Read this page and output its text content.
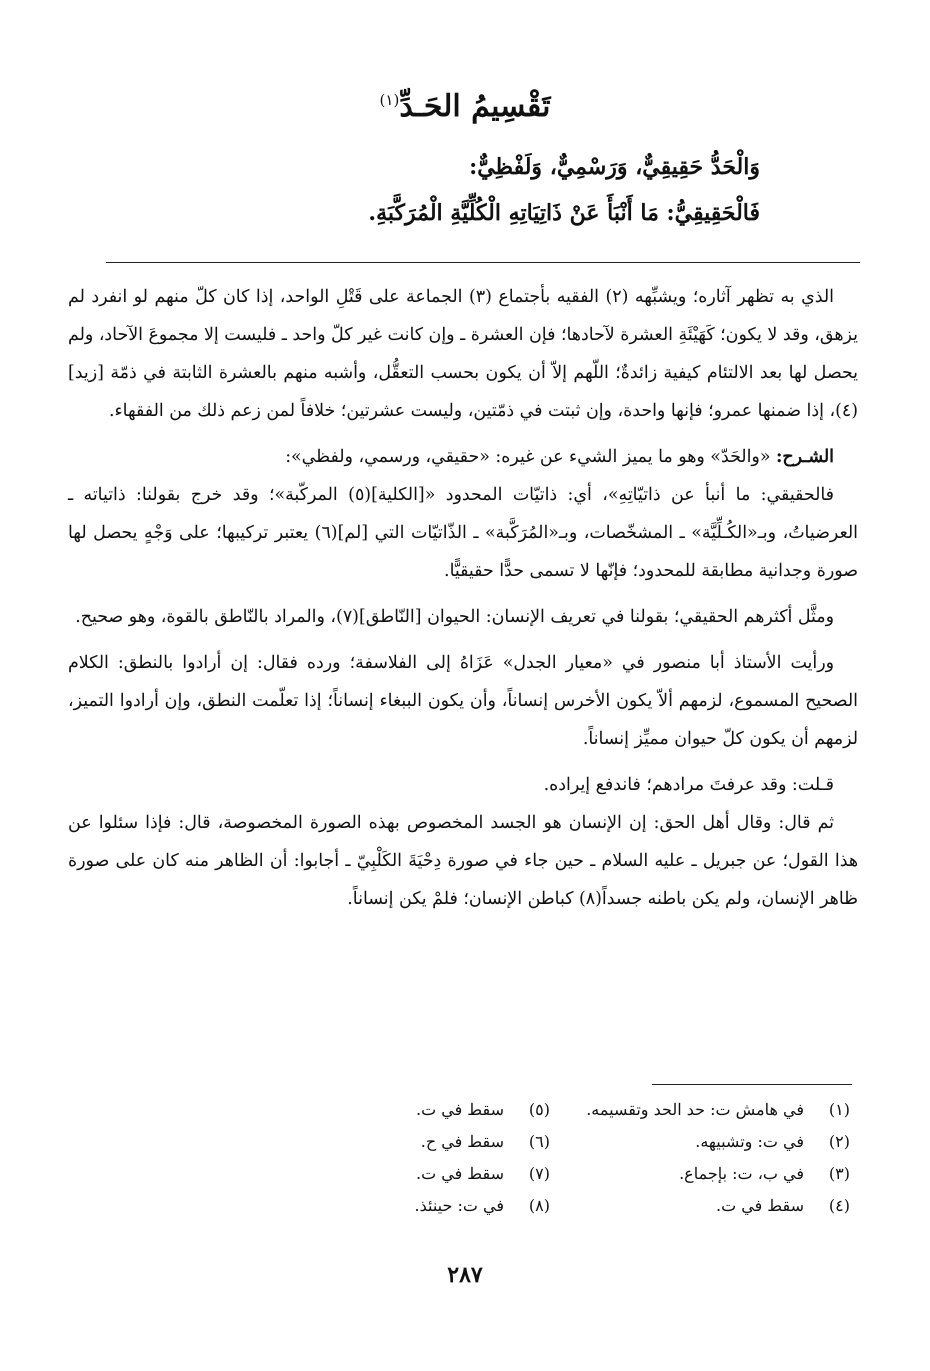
تَقْسِيمُ الحَـدِّ$^{(١)}$
وَالْحَدُّ حَقِيقِيٌّ، وَرَسْمِيٌّ، وَلَفْظِيٌّ:
فَالْحَقِيقِيُّ: مَا أَنْبَأَ عَنْ ذَاتِيَاتِهِ الْكُلِّيَّةِ الْمُرَكَّبَةِ.

الذي به تظهر آثاره؛ ويشبِّهه (٢) الفقيه بأجتماع (٣) الجماعة على قَتْلِ الواحد، إذا كان كلّ منهم لو انفرد لم يزهق، وقد لا يكون؛ كَهَيْئَةِ العشرة لآحادها؛ فإن العشرة ـ وإن كانت غير كلّ واحد ـ فليست إلا مجموعَ الآحاد، ولم يحصل لها بعد الالتئام كيفية زائدةٌ؛ اللّهم إلاّ أن يكون بحسب التعقُّل، وأشبه منهم بالعشرة الثابتة في ذمّة [زيد](٤)، إذا ضمنها عمرو؛ فإنها واحدة، وإن ثبتت في ذمّتين، وليست عشرتين؛ خلافاً لمن زعم ذلك من الفقهاء.

الشـرح: «والحَدّ» وهو ما يميز الشيء عن غيره: «حقيقي، ورسمي، ولفظي»:

فالحقيقي: ما أنبأ عن ذاتيّاتِهِ»، أي: ذاتيّات المحدود «[الكلية](٥) المركّبة»؛ وقد خرج بقولنا: ذاتياته ـ العرضياتُ، وبـ«الكُـلِّيَّة» ـ المشخّصات، وبـ«المُرَكَّبة» ـ الذّاتيّات التي [لم](٦) يعتبر تركيبها؛ على وَجْهٍ يحصل لها صورة وجدانية مطابقة للمحدود؛ فإنّها لا تسمى حدًّا حقيقيًّا.

ومثَّل أكثرهم الحقيقي؛ بقولنا في تعريف الإنسان: الحيوان [النّاطق](٧)، والمراد بالنّاطق بالقوة، وهو صحيح.

ورأيت الأستاذ أبا منصور في «معيار الجدل» عَزَاهُ إلى الفلاسفة؛ ورده فقال: إن أرادوا بالنطق: الكلام الصحيح المسموع، لزمهم ألاّ يكون الأخرس إنساناً، وأن يكون الببغاء إنساناً؛ إذا تعلّمت النطق، وإن أرادوا التميز، لزمهم أن يكون كلّ حيوان مميِّز إنساناً.

قـلت: وقد عرفتَ مرادهم؛ فاندفع إيراده.

ثم قال: وقال أهل الحق: إن الإنسان هو الجسد المخصوص بهذه الصورة المخصوصة، قال: فإذا سئلوا عن هذا القول؛ عن جبريل ـ عليه السلام ـ حين جاء في صورة دِحْيَةَ الكَلْبِيّ ـ أجابوا: أن الظاهر منه كان على صورة ظاهر الإنسان، ولم يكن باطنه جسداً(٨) كباطن الإنسان؛ فلمْ يكن إنساناً.

(١)
في هامش ت: حد الحد وتقسيمه.
(٢)
في ت: وتشبيهه.
(٣)
في ب، ت: بإجماع.
(٤)
سقط في ت.
(٥)
سقط في ت.
(٦)
سقط في ح.
(٧)
سقط في ت.
(٨)
في ت: حينئذ.
٢٨٧
